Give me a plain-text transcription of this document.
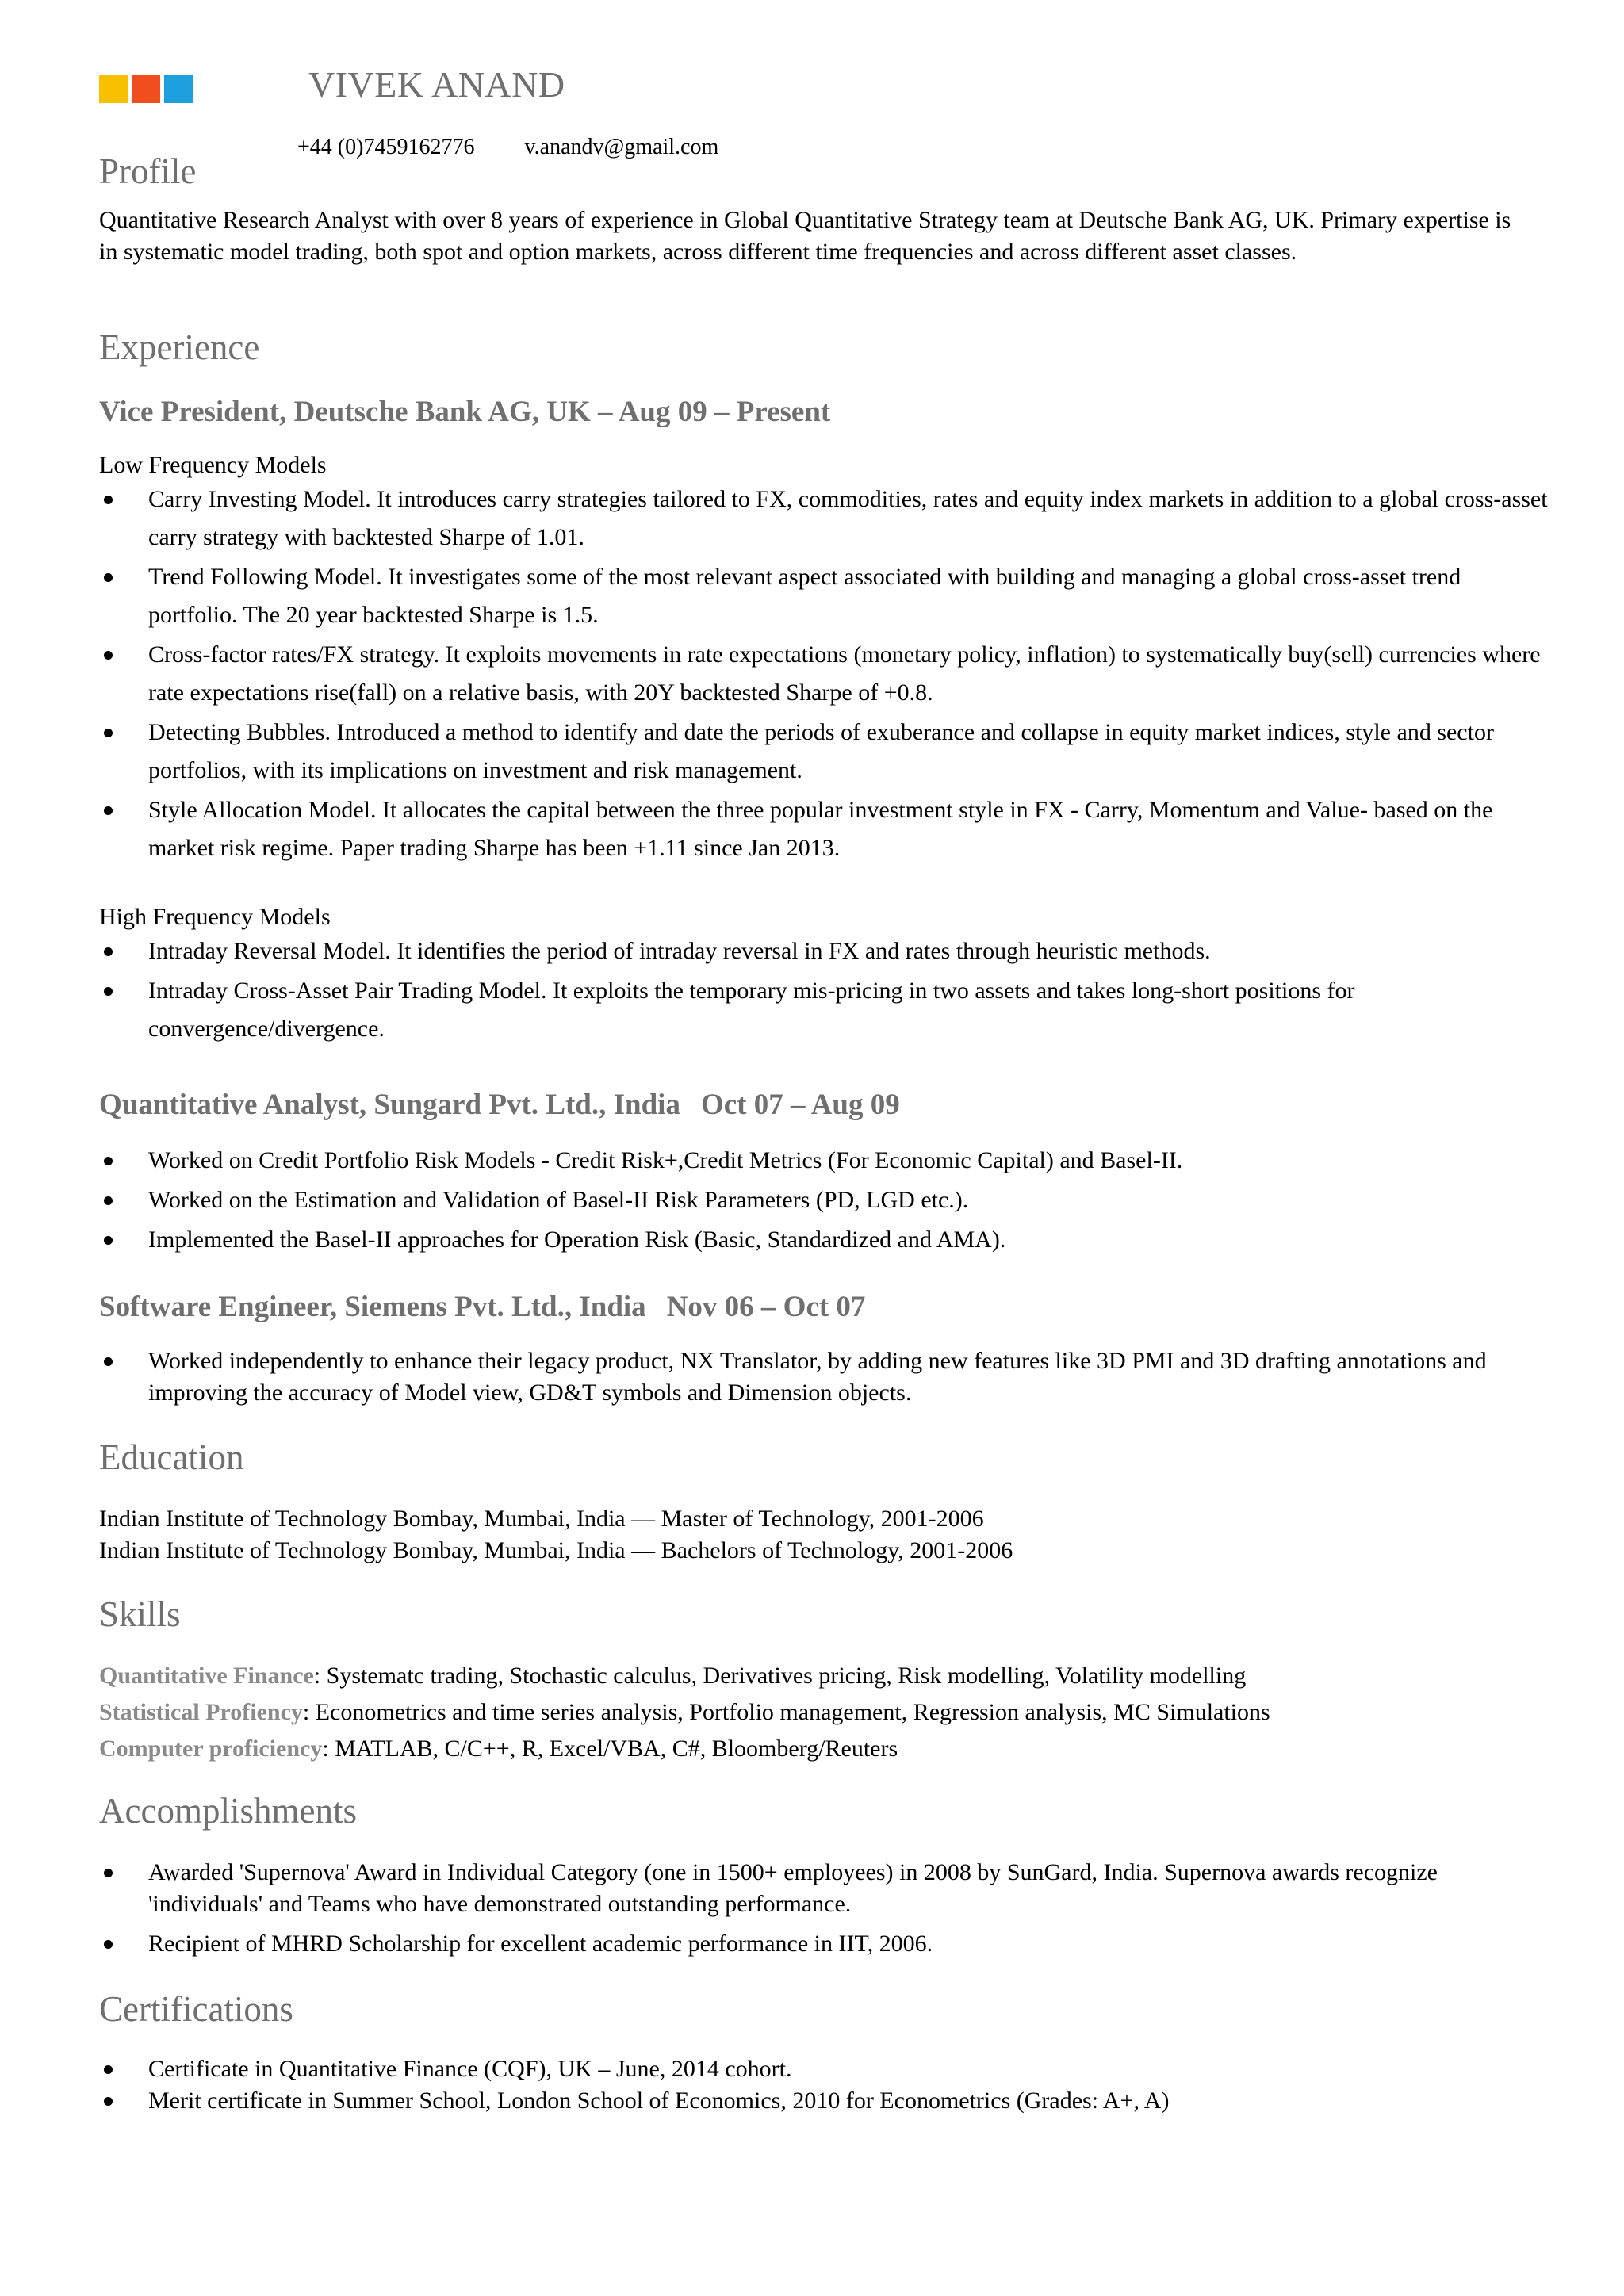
VIVEK ANAND
+44 (0)7459162776 v.anandv@gmail.com
Profile

Quantitative Research Analyst with over 8 years of experience in Global Quantitative Strategy team at Deutsche Bank AG, UK. Primary expertise is in systematic model trading, both spot and option markets, across different time frequencies and across different asset classes.

Experience
Vice President, Deutsche Bank AG, UK – Aug 09 – Present
Low Frequency Models
Carry Investing Model. It introduces carry strategies tailored to FX, commodities, rates and equity index markets in addition to a global cross-asset carry strategy with backtested Sharpe of 1.01.
Trend Following Model. It investigates some of the most relevant aspect associated with building and managing a global cross-asset trend portfolio. The 20 year backtested Sharpe is 1.5.
Cross-factor rates/FX strategy. It exploits movements in rate expectations (monetary policy, inflation) to systematically buy(sell) currencies where rate expectations rise(fall) on a relative basis, with 20Y backtested Sharpe of +0.8.
Detecting Bubbles. Introduced a method to identify and date the periods of exuberance and collapse in equity market indices, style and sector portfolios, with its implications on investment and risk management.
Style Allocation Model. It allocates the capital between the three popular investment style in FX - Carry, Momentum and Value- based on the market risk regime. Paper trading Sharpe has been +1.11 since Jan 2013.
High Frequency Models
Intraday Reversal Model. It identifies the period of intraday reversal in FX and rates through heuristic methods.
Intraday Cross-Asset Pair Trading Model. It exploits the temporary mis-pricing in two assets and takes long-short positions for convergence/divergence.
Quantitative Analyst, Sungard Pvt. Ltd., India Oct 07 – Aug 09
Worked on Credit Portfolio Risk Models - Credit Risk+,Credit Metrics (For Economic Capital) and Basel-II.
Worked on the Estimation and Validation of Basel-II Risk Parameters (PD, LGD etc.).
Implemented the Basel-II approaches for Operation Risk (Basic, Standardized and AMA).
Software Engineer, Siemens Pvt. Ltd., India Nov 06 – Oct 07
Worked independently to enhance their legacy product, NX Translator, by adding new features like 3D PMI and 3D drafting annotations and improving the accuracy of Model view, GD&T symbols and Dimension objects.
Education
Indian Institute of Technology Bombay, Mumbai, India — Master of Technology, 2001-2006
Indian Institute of Technology Bombay, Mumbai, India — Bachelors of Technology, 2001-2006
Skills
Quantitative Finance: Systematc trading, Stochastic calculus, Derivatives pricing, Risk modelling, Volatility modelling
Statistical Profiency: Econometrics and time series analysis, Portfolio management, Regression analysis, MC Simulations
Computer proficiency: MATLAB, C/C++, R, Excel/VBA, C#, Bloomberg/Reuters
Accomplishments
Awarded 'Supernova' Award in Individual Category (one in 1500+ employees) in 2008 by SunGard, India. Supernova awards recognize 'individuals' and Teams who have demonstrated outstanding performance.
Recipient of MHRD Scholarship for excellent academic performance in IIT, 2006.
Certifications
Certificate in Quantitative Finance (CQF), UK – June, 2014 cohort.
Merit certificate in Summer School, London School of Economics, 2010 for Econometrics (Grades: A+, A)
